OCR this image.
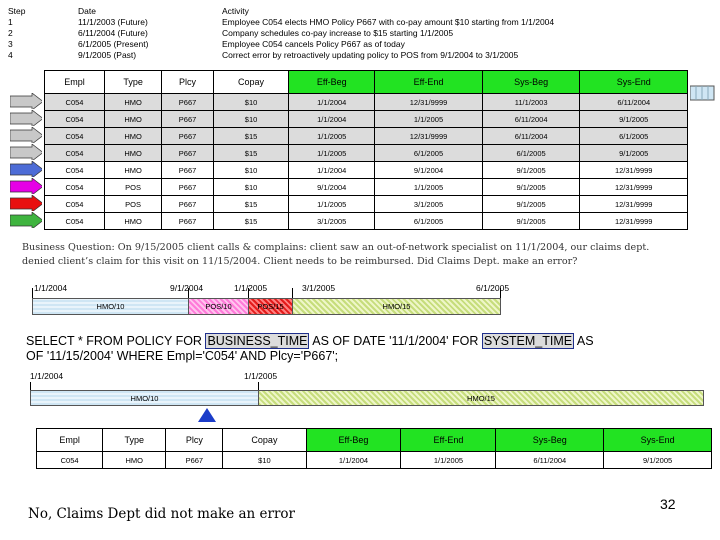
Step	Date	Activity
1	11/1/2003 (Future)	Employee C054 elects HMO Policy P667 with co-pay amount $10 starting from 1/1/2004
2	6/11/2004 (Future)	Company schedules co-pay increase to $15 starting 1/1/2005
3	6/1/2005 (Present)	Employee C054 cancels Policy P667 as of today
4	9/1/2005 (Past)	Correct error by retroactively updating policy to POS from 9/1/2004 to 3/1/2005
Empl	Type	Plcy	Copay	Eff-Beg	Eff-End	Sys-Beg	Sys-End
C054	HMO	P667	$10	1/1/2004	12/31/9999	11/1/2003	6/11/2004
C054	HMO	P667	$10	1/1/2004	1/1/2005	6/11/2004	9/1/2005
C054	HMO	P667	$15	1/1/2005	12/31/9999	6/11/2004	6/1/2005
C054	HMO	P667	$15	1/1/2005	6/1/2005	6/1/2005	9/1/2005
C054	HMO	P667	$10	1/1/2004	9/1/2004	9/1/2005	12/31/9999
C054	POS	P667	$10	9/1/2004	1/1/2005	9/1/2005	12/31/9999
C054	POS	P667	$15	1/1/2005	3/1/2005	9/1/2005	12/31/9999
C054	HMO	P667	$15	3/1/2005	6/1/2005	9/1/2005	12/31/9999
Business Question: On 9/15/2005 client calls & complains: client saw an out-of-network specialist on 11/1/2004, our claims dept.
denied client’s claim for this visit on 11/15/2004. Client needs to be reimbursed. Did Claims Dept. make an error?
1/1/2004	9/1/2004	1/1/2005	3/1/2005	6/1/2005
HMO/10	POS/10	POS/15	HMO/15
SELECT * FROM POLICY FOR BUSINESS_TIME AS OF DATE '11/1/2004' FOR SYSTEM_TIME AS
OF '11/15/2004' WHERE Empl='C054' AND Plcy='P667';
1/1/2004	1/1/2005
HMO/10	HMO/15
Empl	Type	Plcy	Copay	Eff-Beg	Eff-End	Sys-Beg	Sys-End
C054	HMO	P667	$10	1/1/2004	1/1/2005	6/11/2004	9/1/2005
No, Claims Dept did not make an error
32
